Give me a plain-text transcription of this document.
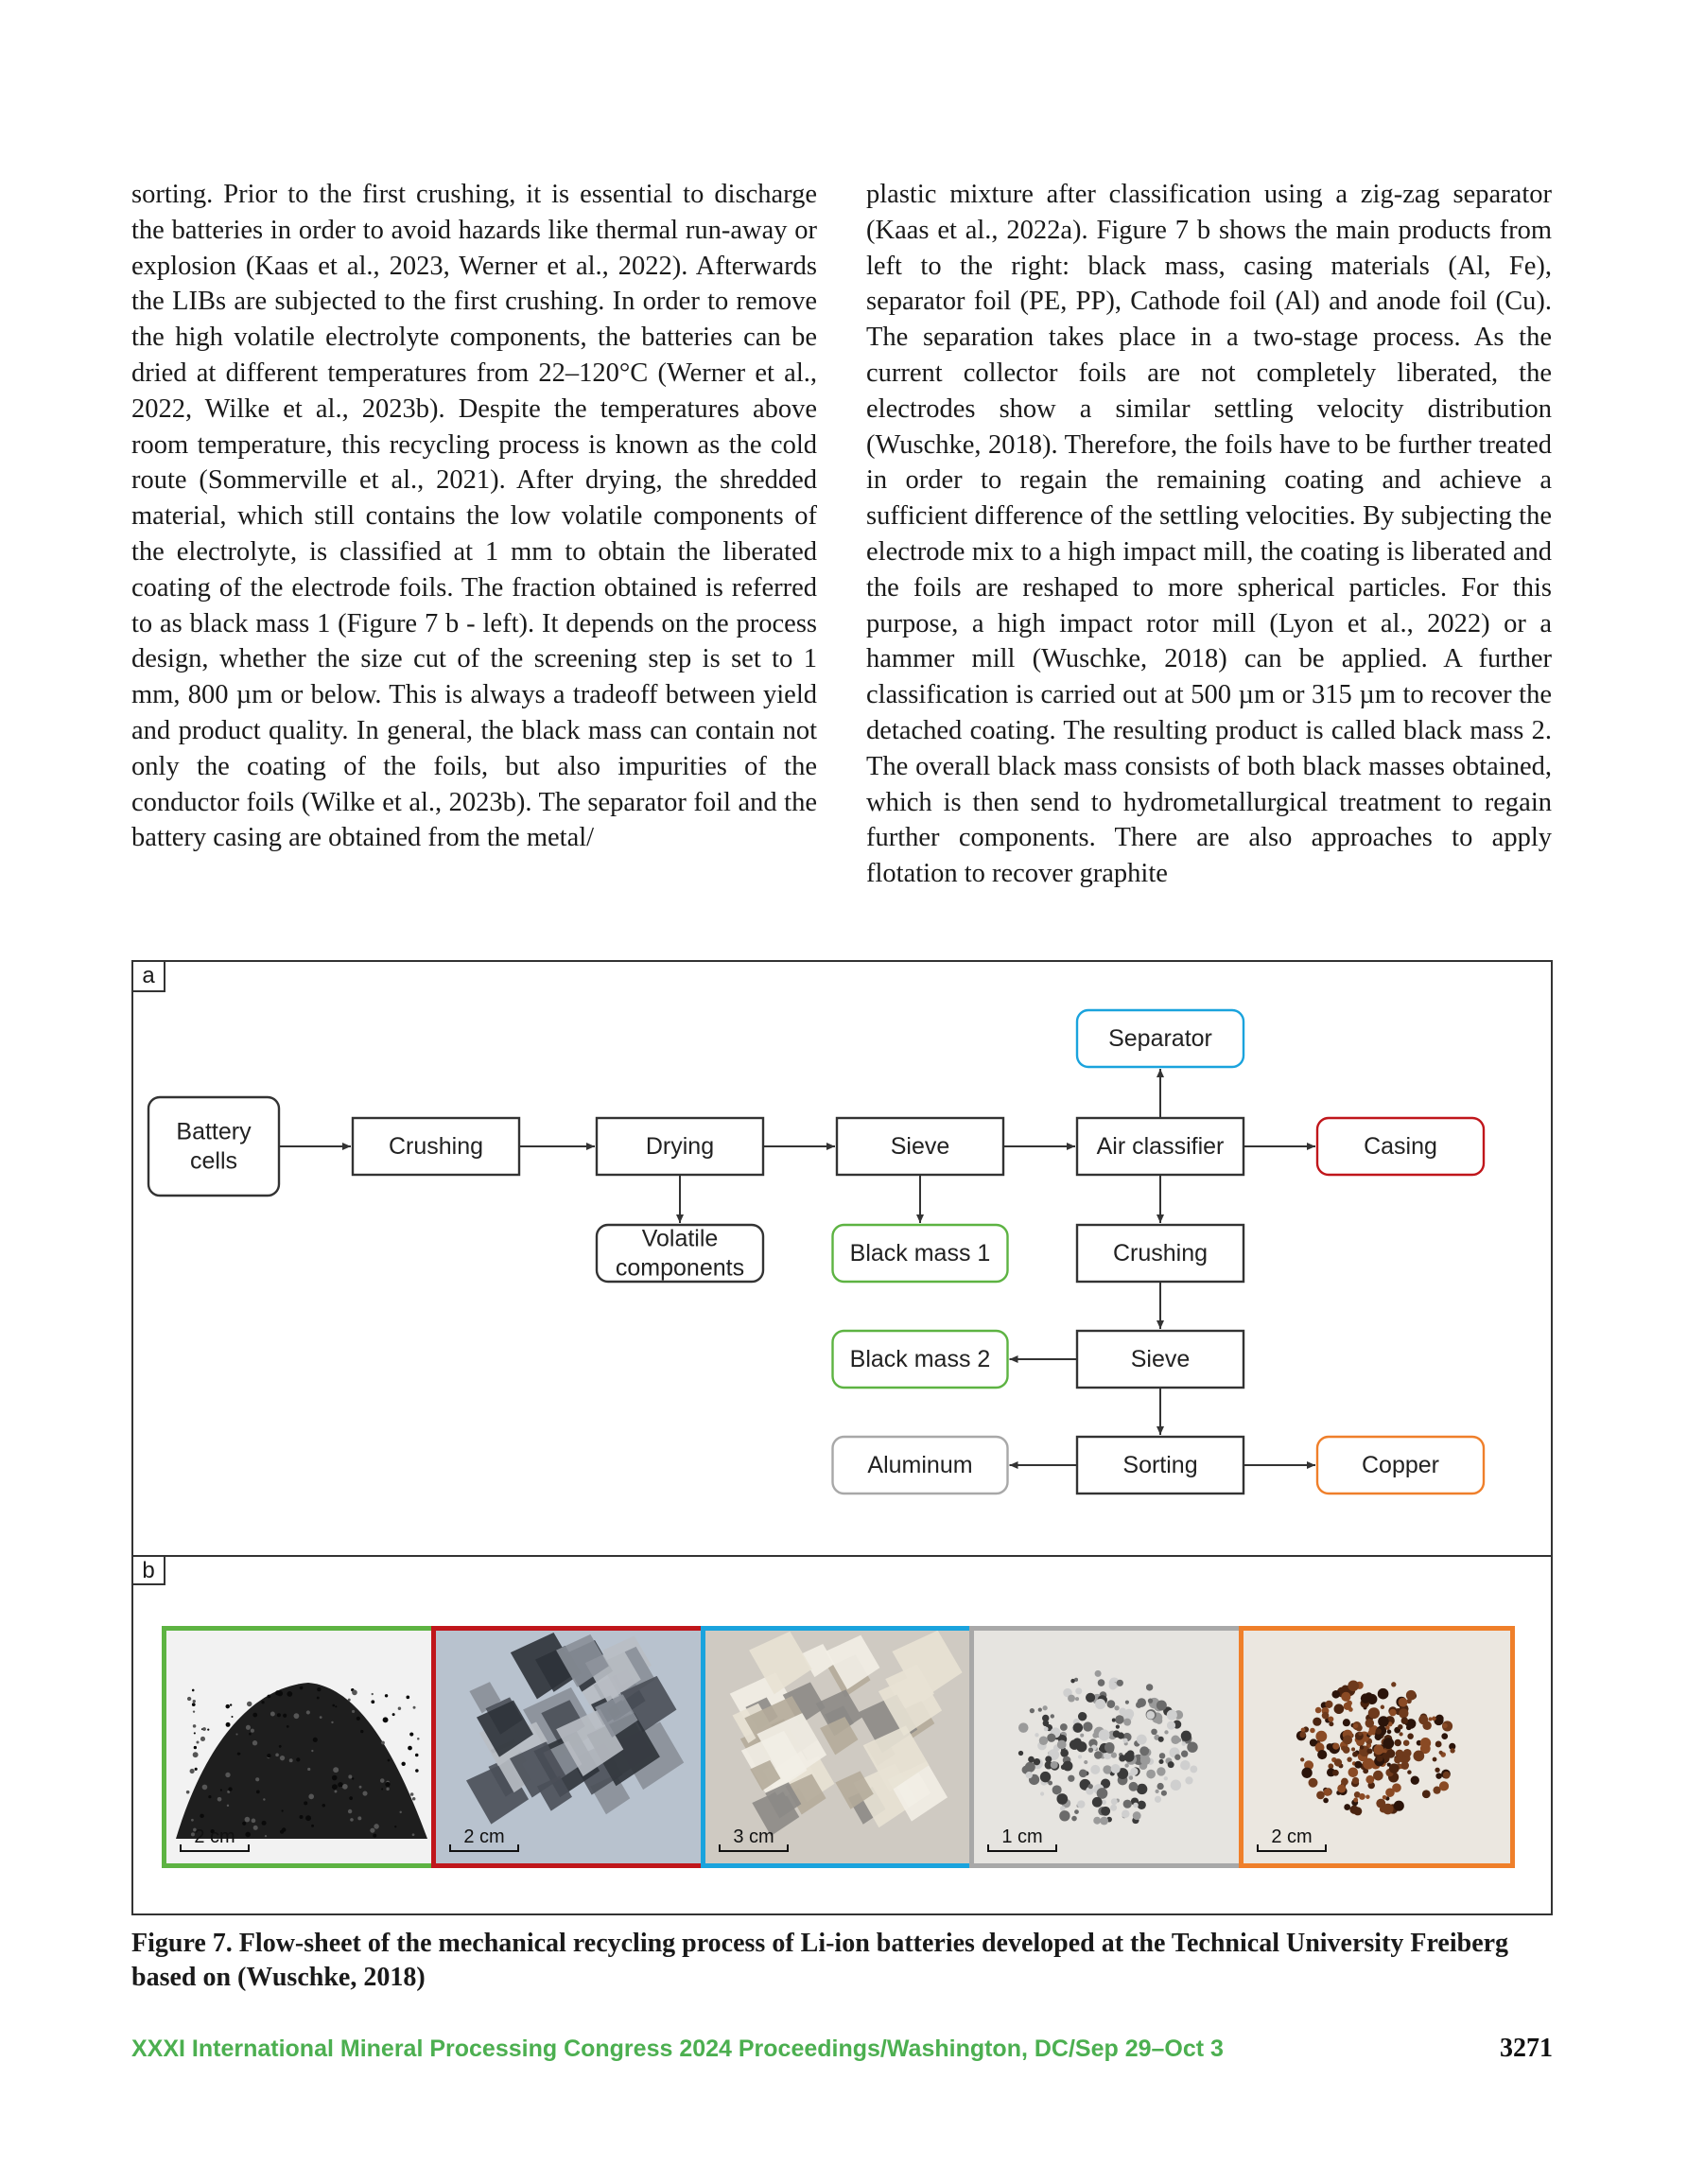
sorting. Prior to the first crushing, it is essential to discharge the batteries in order to avoid hazards like thermal run-away or explosion (Kaas et al., 2023, Werner et al., 2022). Afterwards the LIBs are subjected to the first crushing. In order to remove the high volatile electrolyte components, the batteries can be dried at different temperatures from 22–120°C (Werner et al., 2022, Wilke et al., 2023b). Despite the temperatures above room temperature, this recycling process is known as the cold route (Sommerville et al., 2021). After drying, the shredded material, which still contains the low volatile components of the electrolyte, is classified at 1 mm to obtain the liberated coating of the electrode foils. The fraction obtained is referred to as black mass 1 (Figure 7 b - left). It depends on the process design, whether the size cut of the screening step is set to 1 mm, 800 µm or below. This is always a tradeoff between yield and product quality. In general, the black mass can contain not only the coating of the foils, but also impurities of the conductor foils (Wilke et al., 2023b). The separator foil and the battery casing are obtained from the metal/

plastic mixture after classification using a zig-zag separator (Kaas et al., 2022a). Figure 7 b shows the main products from left to the right: black mass, casing materials (Al, Fe), separator foil (PE, PP), Cathode foil (Al) and anode foil (Cu). The separation takes place in a two-stage process. As the current collector foils are not completely liberated, the electrodes show a similar settling velocity distribution (Wuschke, 2018). Therefore, the foils have to be further treated in order to regain the remaining coating and achieve a sufficient difference of the settling velocities. By subjecting the electrode mix to a high impact mill, the coating is liberated and the foils are reshaped to more spherical particles. For this purpose, a high impact rotor mill (Lyon et al., 2022) or a hammer mill (Wuschke, 2018) can be applied. A further classification is carried out at 500 µm or 315 µm to recover the detached coating. The resulting product is called black mass 2. The overall black mass consists of both black masses obtained, which is then send to hydrometallurgical treatment to regain further components. There are also approaches to apply flotation to recover graphite

Battery
cells
Crushing	Drying	Sieve	Air classifier	Casing
Separator
Volatile
components
Black mass 1	Crushing
Black mass 2	Sieve
Aluminum	Sorting	Copper
a
b
2 cm	2 cm	3 cm	1 cm	2 cm
Figure 7. Flow-sheet of the mechanical recycling process of Li-ion batteries developed at the Technical University Freiberg based on (Wuschke, 2018)
XXXI International Mineral Processing Congress 2024 Proceedings/Washington, DC/Sep 29–Oct 3	3271
